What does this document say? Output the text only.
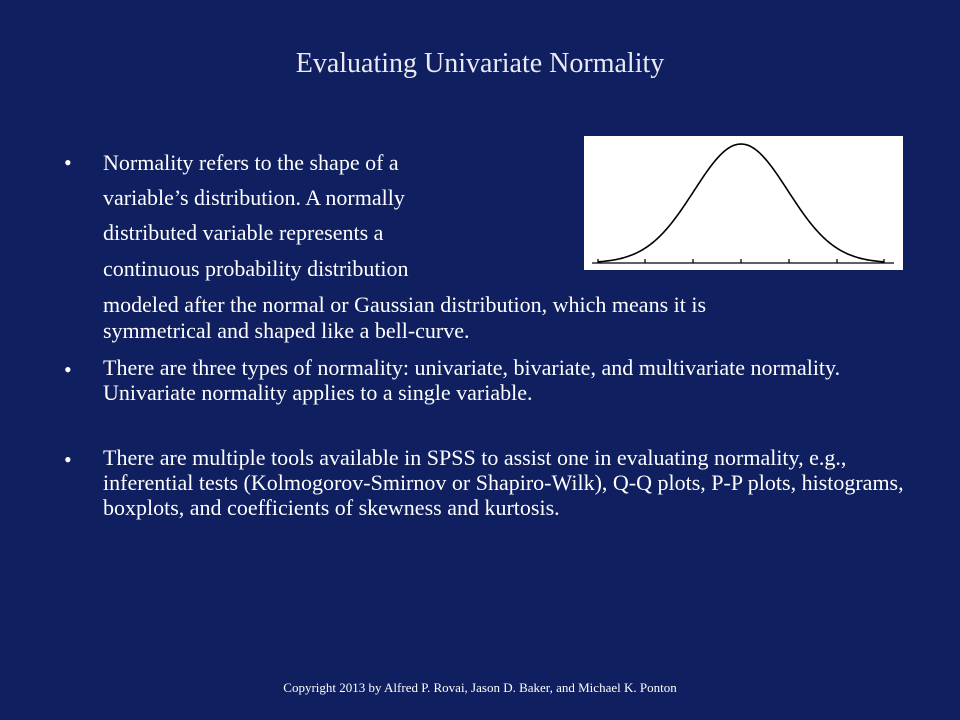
Evaluating Univariate Normality
• Normality refers to the shape of a
variable’s distribution. A normally
distributed variable represents a
continuous probability distribution
modeled after the normal or Gaussian distribution, which means it is
symmetrical and shaped like a bell-curve.
• There are three types of normality: univariate, bivariate, and multivariate normality. Univariate normality applies to a single variable.
• There are multiple tools available in SPSS to assist one in evaluating normality, e.g., inferential tests (Kolmogorov-Smirnov or Shapiro-Wilk), Q-Q plots, P-P plots, histograms, boxplots, and coefficients of skewness and kurtosis.
Copyright 2013 by Alfred P. Rovai, Jason D. Baker, and Michael K. Ponton
